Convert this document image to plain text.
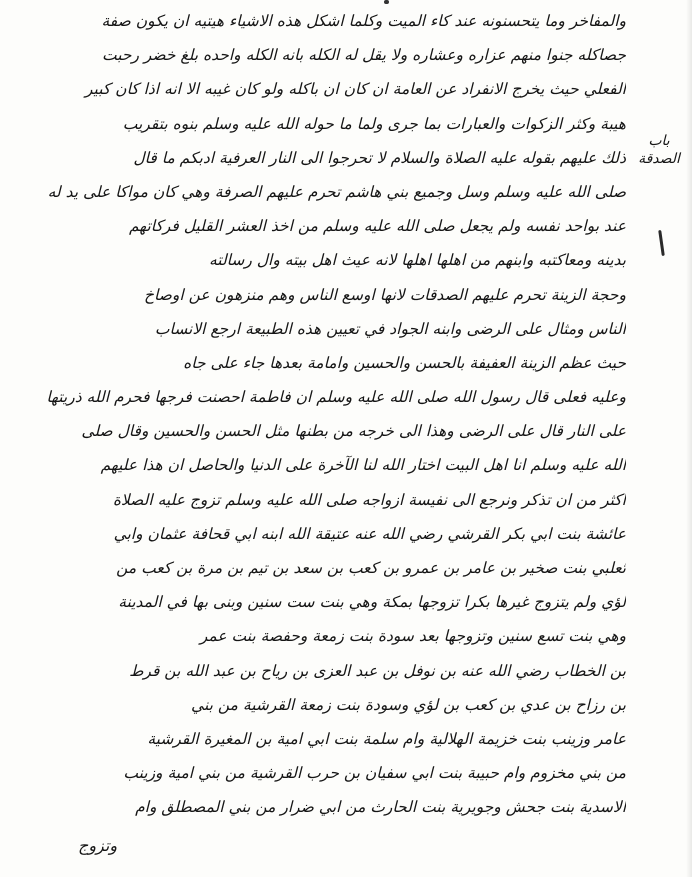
والمفاخر وما يتحسنونه عند كاء الميت وكلما اشكل هذه الاشياء هيتيه ان يكون صفة
جصاكله جنوا منهم عزاره وعشاره ولا يقل له الكله بانه الكله واحده بلغ خضر رحبت
الفعلي حيث يخرج الانفراد عن العامة ان كان ان باكله ولو كان غيبه الا انه اذا كان كبير
هيبة وكثر الزكوات والعبارات بما جرى ولما ما حوله الله عليه وسلم بنوه بتقريب
ذلك عليهم بقوله عليه الصلاة والسلام لا تحرجوا الى النار العرفية ادبكم ما قال
صلى الله عليه وسلم وسل وجميع بني هاشم تحرم عليهم الصرفة وهي كان مواكا على يد له
عند بواحد نفسه ولم يجعل صلى الله عليه وسلم من اخذ العشر القليل فركاتهم
بدينه ومعاكتبه وابنهم من اهلها اهلها لانه عيث اهل بيته وال رسالته
وحجة الزينة تحرم عليهم الصدقات لانها اوسع الناس وهم منزهون عن اوصاخ
الناس ومثال على الرضى وابنه الجواد في تعيين هذه الطبيعة ارجع الانساب
حيث عظم الزينة العفيفة بالحسن والحسين وامامة بعدها جاء على جاه
وعليه فعلى قال رسول الله صلى الله عليه وسلم ان فاطمة احصنت فرجها فحرم الله ذريتها
على النار قال على الرضى وهذا الى خرجه من بطنها مثل الحسن والحسين وقال صلى
الله عليه وسلم انا اهل البيت اختار الله لنا الآخرة على الدنيا والحاصل ان هذا عليهم
اكثر من ان تذكر ونرجع الى نفيسة ازواجه صلى الله عليه وسلم تزوج عليه الصلاة
عائشة بنت ابي بكر القرشي رضي الله عنه عتيقة الله ابنه ابي قحافة عثمان وابي
ثعلبي بنت صخير بن عامر بن عمرو بن كعب بن سعد بن تيم بن مرة بن كعب من
لؤي ولم يتزوج غيرها بكرا تزوجها بمكة وهي بنت ست سنين وبنى بها في المدينة
وهي بنت تسع سنين وتزوجها بعد سودة بنت زمعة وحفصة بنت عمر
بن الخطاب رضي الله عنه بن نوفل بن عبد العزى بن رياح بن عبد الله بن قرط
بن رزاح بن عدي بن كعب بن لؤي وسودة بنت زمعة القرشية من بني
عامر وزينب بنت خزيمة الهلالية وام سلمة بنت ابي امية بن المغيرة القرشية
من بني مخزوم وام حبيبة بنت ابي سفيان بن حرب القرشية من بني امية وزينب
الاسدية بنت جحش وجويرية بنت الحارث من ابي ضرار من بني المصطلق وام
وتزوج
باب الصدقة
